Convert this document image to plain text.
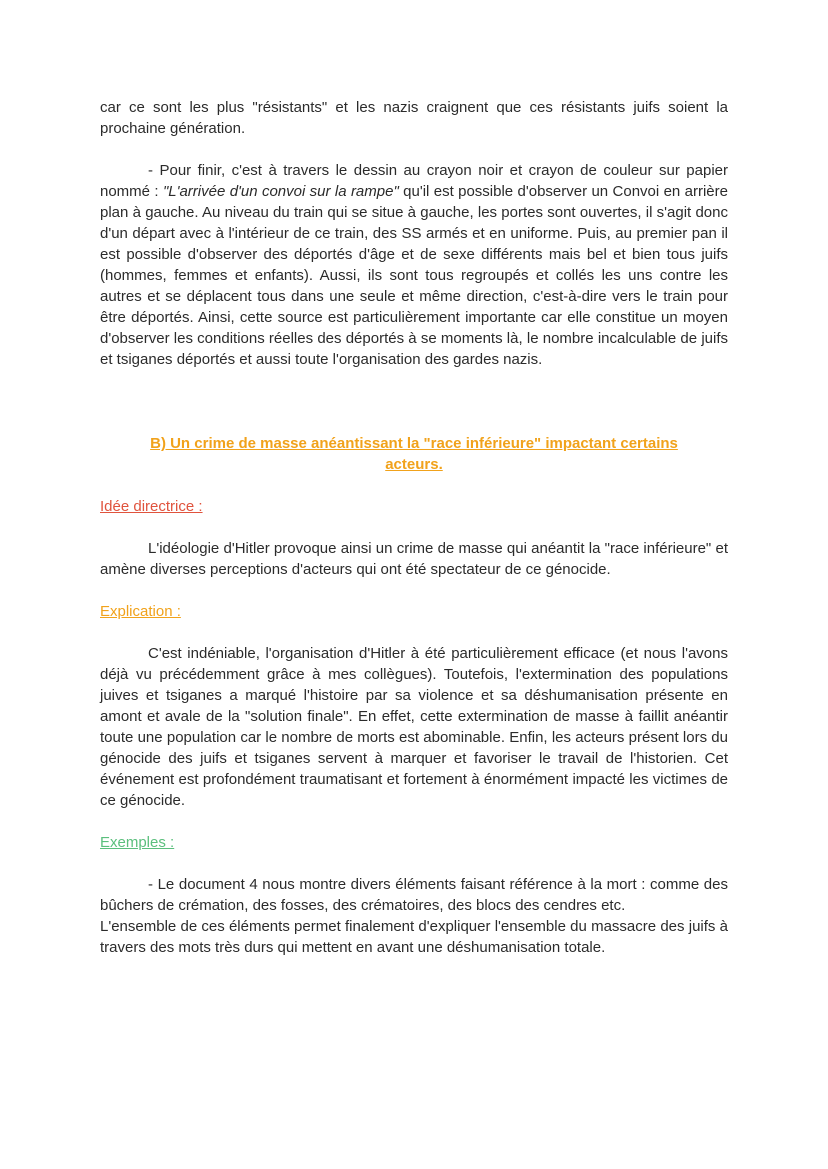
car ce sont les plus "résistants" et les nazis craignent que ces résistants juifs soient la prochaine génération.

- Pour finir, c'est à travers le dessin au crayon noir et crayon de couleur sur papier nommé : "L'arrivée d'un convoi sur la rampe" qu'il est possible d'observer un Convoi en arrière plan à gauche. Au niveau du train qui se situe à gauche, les portes sont ouvertes, il s'agit donc d'un départ avec à l'intérieur de ce train, des SS armés et en uniforme. Puis, au premier pan il est possible d'observer des déportés d'âge et de sexe différents mais bel et bien tous juifs (hommes, femmes et enfants). Aussi, ils sont tous regroupés et collés les uns contre les autres et se déplacent tous dans une seule et même direction, c'est-à-dire vers le train pour être déportés. Ainsi, cette source est particulièrement importante car elle constitue un moyen d'observer les conditions réelles des déportés à se moments là, le nombre incalculable de juifs et tsiganes déportés et aussi toute l'organisation des gardes nazis.

B) Un crime de masse anéantissant la "race inférieure" impactant certains acteurs.

Idée directrice :

L'idéologie d'Hitler provoque ainsi un crime de masse qui anéantit la "race inférieure" et amène diverses perceptions d'acteurs qui ont été spectateur de ce génocide.

Explication :

C'est indéniable, l'organisation d'Hitler à été particulièrement efficace (et nous l'avons déjà vu précédemment grâce à mes collègues). Toutefois, l'extermination des populations juives et tsiganes a marqué l'histoire par sa violence et sa déshumanisation présente en amont et avale de la "solution finale". En effet, cette extermination de masse à faillit anéantir toute une population car le nombre de morts est abominable. Enfin, les acteurs présent lors du génocide des juifs et tsiganes servent à marquer et favoriser le travail de l'historien. Cet événement est profondément traumatisant et fortement à énormément impacté les victimes de ce génocide.

Exemples :

- Le document 4 nous montre divers éléments faisant référence à la mort : comme des bûchers de crémation, des fosses, des crématoires, des blocs des cendres etc.

L'ensemble de ces éléments permet finalement d'expliquer l'ensemble du massacre des juifs à travers des mots très durs qui mettent en avant une déshumanisation totale.
